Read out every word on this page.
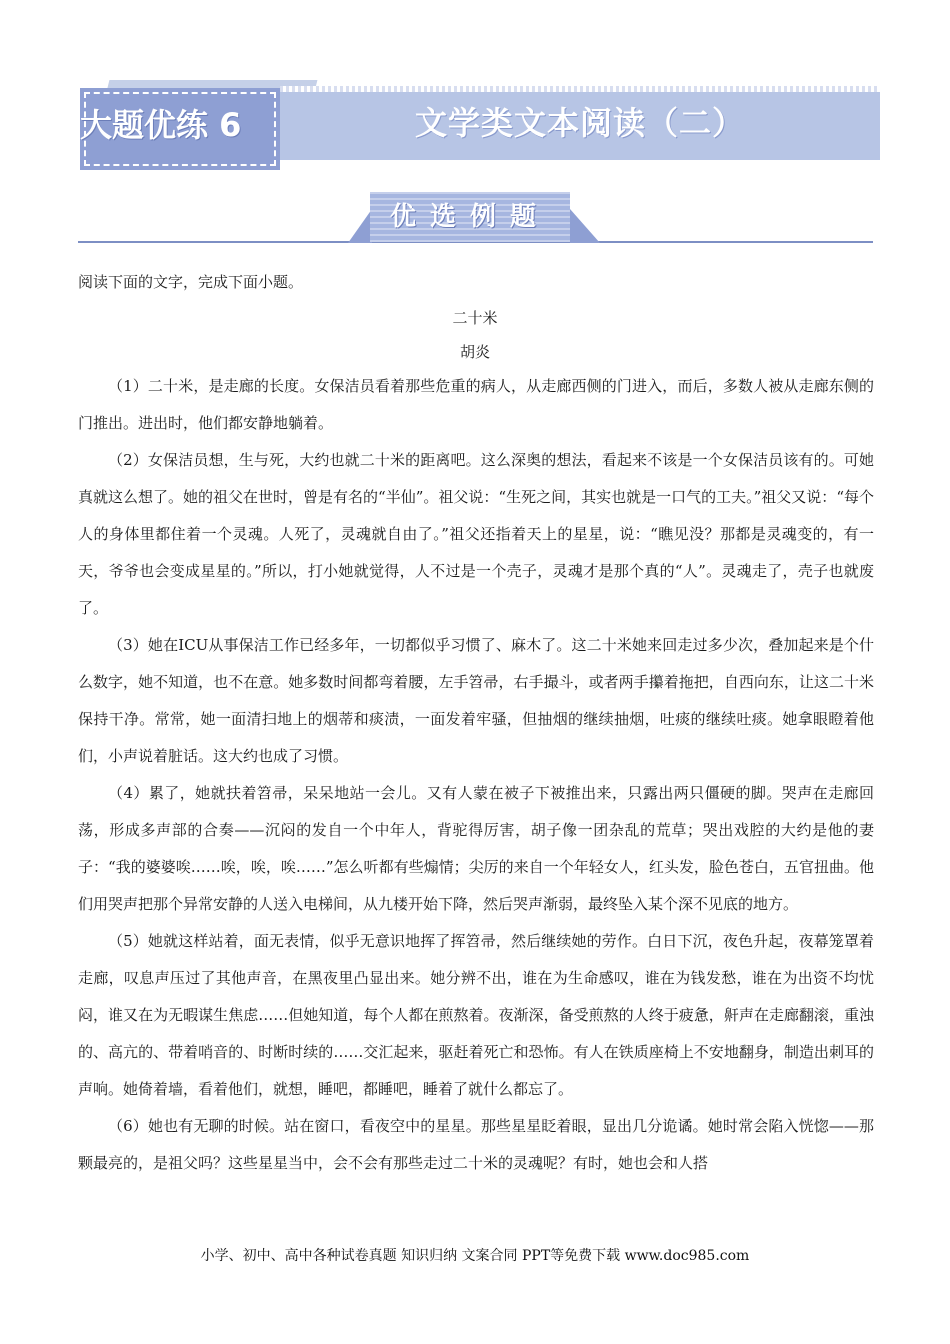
大题优练 6	文学类文本阅读（二）
优选例题
阅读下面的文字，完成下面小题。
二十米
胡炎

（1）二十米，是走廊的长度。女保洁员看着那些危重的病人，从走廊西侧的门进入，而后，多数人被从走廊东侧的门推出。进出时，他们都安静地躺着。

（2）女保洁员想，生与死，大约也就二十米的距离吧。这么深奥的想法，看起来不该是一个女保洁员该有的。可她真就这么想了。她的祖父在世时，曾是有名的“半仙”。祖父说：“生死之间，其实也就是一口气的工夫。”祖父又说：“每个人的身体里都住着一个灵魂。人死了，灵魂就自由了。”祖父还指着天上的星星，说：“瞧见没？那都是灵魂变的，有一天，爷爷也会变成星星的。”所以，打小她就觉得，人不过是一个壳子，灵魂才是那个真的“人”。灵魂走了，壳子也就废了。

（3）她在ICU从事保洁工作已经多年，一切都似乎习惯了、麻木了。这二十米她来回走过多少次，叠加起来是个什么数字，她不知道，也不在意。她多数时间都弯着腰，左手笤帚，右手撮斗，或者两手攥着拖把，自西向东，让这二十米保持干净。常常，她一面清扫地上的烟蒂和痰渍，一面发着牢骚，但抽烟的继续抽烟，吐痰的继续吐痰。她拿眼瞪着他们，小声说着脏话。这大约也成了习惯。

（4）累了，她就扶着笤帚，呆呆地站一会儿。又有人蒙在被子下被推出来，只露出两只僵硬的脚。哭声在走廊回荡，形成多声部的合奏——沉闷的发自一个中年人，背驼得厉害，胡子像一团杂乱的荒草；哭出戏腔的大约是他的妻子：“我的婆婆唉……唉，唉，唉……”怎么听都有些煽情；尖厉的来自一个年轻女人，红头发，脸色苍白，五官扭曲。他们用哭声把那个异常安静的人送入电梯间，从九楼开始下降，然后哭声渐弱，最终坠入某个深不见底的地方。

（5）她就这样站着，面无表情，似乎无意识地挥了挥笤帚，然后继续她的劳作。白日下沉，夜色升起，夜幕笼罩着走廊，叹息声压过了其他声音，在黑夜里凸显出来。她分辨不出，谁在为生命感叹，谁在为钱发愁，谁在为出资不均忧闷，谁又在为无暇谋生焦虑……但她知道，每个人都在煎熬着。夜渐深，备受煎熬的人终于疲惫，鼾声在走廊翻滚，重浊的、高亢的、带着哨音的、时断时续的……交汇起来，驱赶着死亡和恐怖。有人在铁质座椅上不安地翻身，制造出刺耳的声响。她倚着墙，看着他们，就想，睡吧，都睡吧，睡着了就什么都忘了。

（6）她也有无聊的时候。站在窗口，看夜空中的星星。那些星星眨着眼，显出几分诡谲。她时常会陷入恍惚——那颗最亮的，是祖父吗？这些星星当中，会不会有那些走过二十米的灵魂呢？有时，她也会和人搭

小学、初中、高中各种试卷真题 知识归纳 文案合同 PPT等免费下载 www.doc985.com
